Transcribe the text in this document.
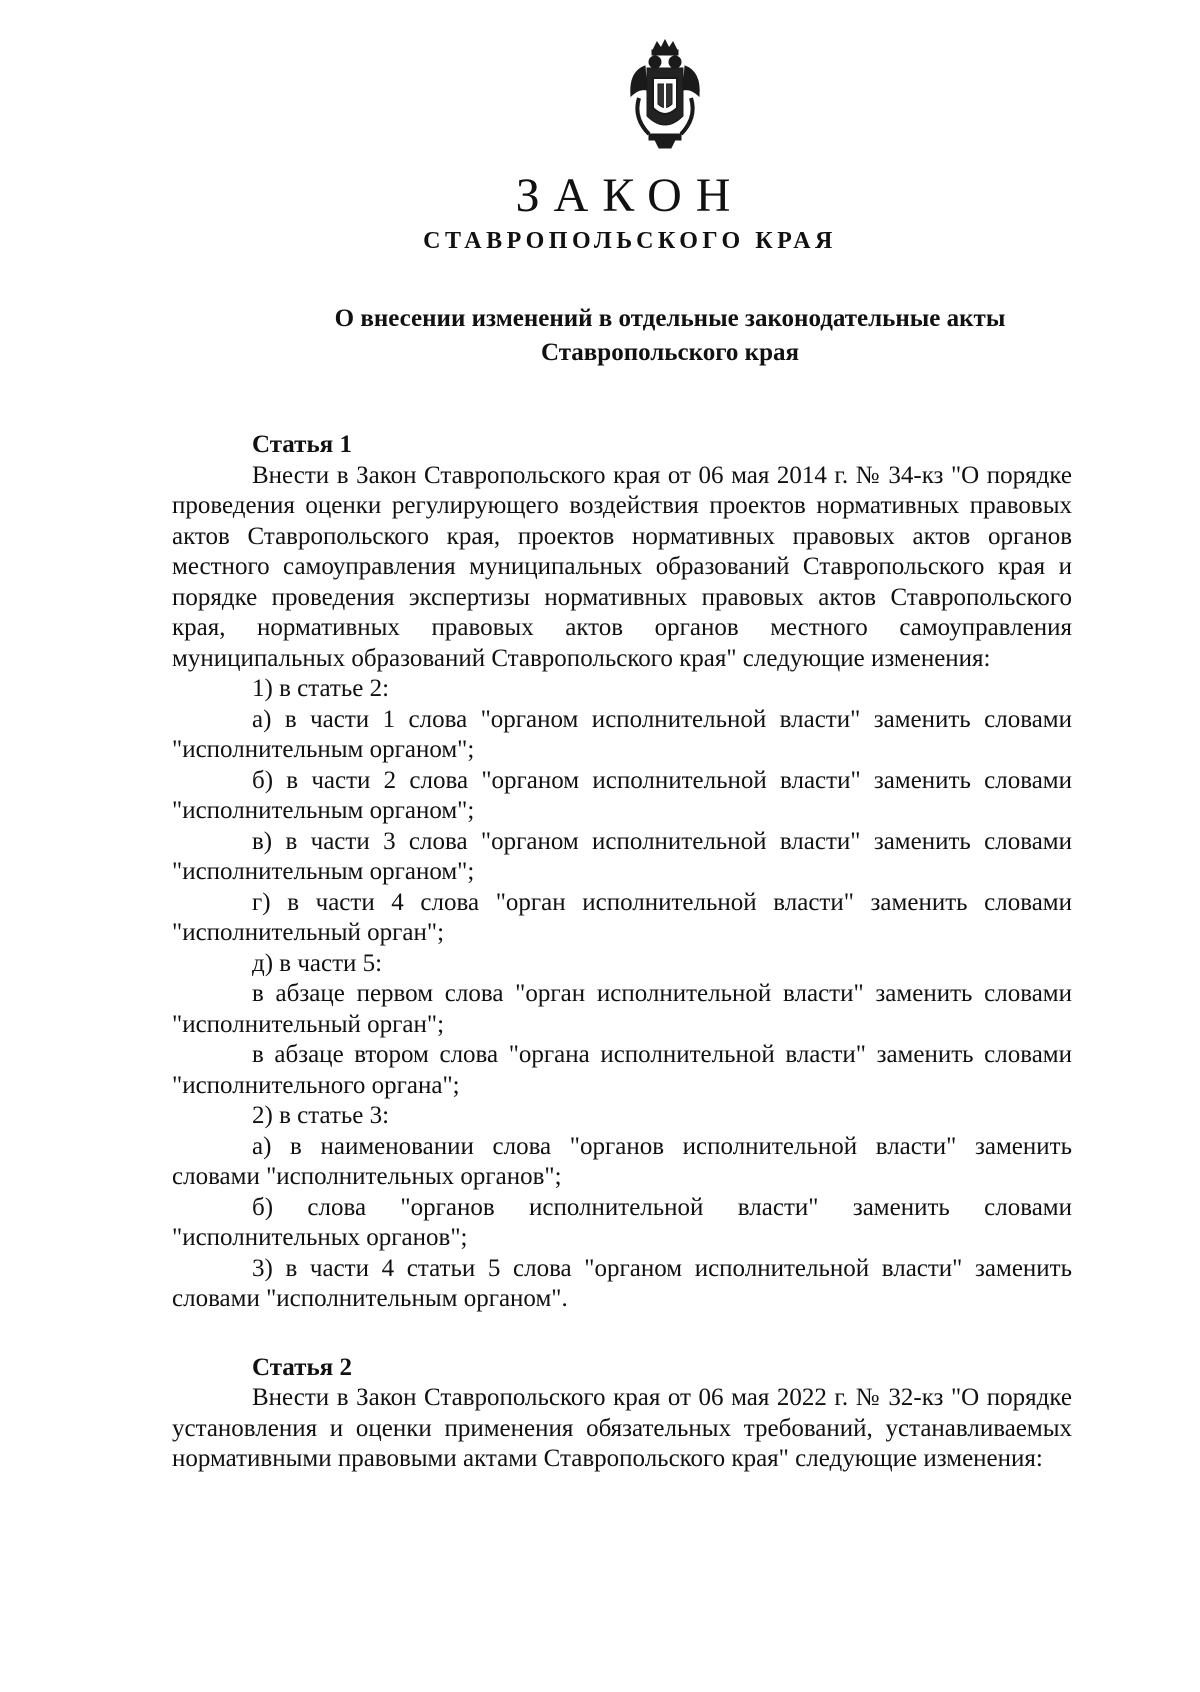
ЗАКОН
СТАВРОПОЛЬСКОГО КРАЯ
О внесении изменений в отдельные законодательные акты
Ставропольского края

Статья 1

Внести в Закон Ставропольского края от 06 мая 2014 г. № 34-кз "О порядке проведения оценки регулирующего воздействия проектов нормативных правовых актов Ставропольского края, проектов нормативных правовых актов органов местного самоуправления муниципальных образований Ставропольского края и порядке проведения экспертизы нормативных правовых актов Ставропольского края, нормативных правовых актов органов местного самоуправления муниципальных образований Ставропольского края" следующие изменения:

1) в статье 2:

а) в части 1 слова "органом исполнительной власти" заменить словами "исполнительным органом";

б) в части 2 слова "органом исполнительной власти" заменить словами "исполнительным органом";

в) в части 3 слова "органом исполнительной власти" заменить словами "исполнительным органом";

г) в части 4 слова "орган исполнительной власти" заменить словами "исполнительный орган";

д) в части 5:

в абзаце первом слова "орган исполнительной власти" заменить словами "исполнительный орган";

в абзаце втором слова "органа исполнительной власти" заменить словами "исполнительного органа";

2) в статье 3:

а) в наименовании слова "органов исполнительной власти" заменить словами "исполнительных органов";

б) слова "органов исполнительной власти" заменить словами "исполнительных органов";

3) в части 4 статьи 5 слова "органом исполнительной власти" заменить словами "исполнительным органом".

Статья 2

Внести в Закон Ставропольского края от 06 мая 2022 г. № 32-кз "О порядке установления и оценки применения обязательных требований, устанавливаемых нормативными правовыми актами Ставропольского края" следующие изменения:
